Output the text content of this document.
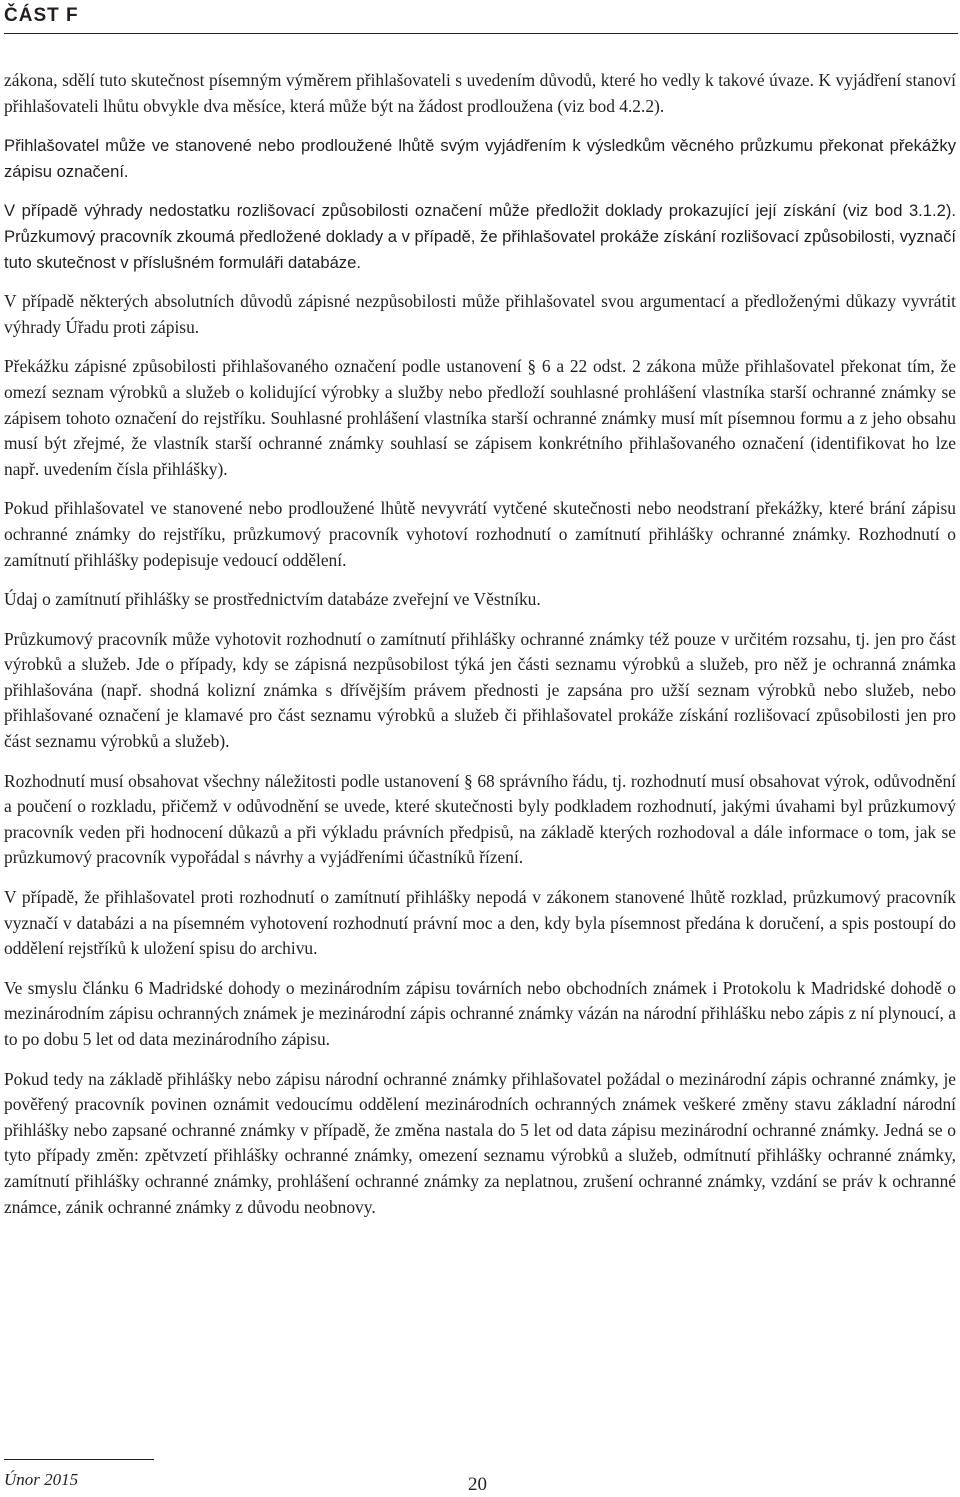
ČÁST F

zákona, sdělí tuto skutečnost písemným výměrem přihlašovateli s uvedením důvodů, které ho vedly k takové úvaze. K vyjádření stanoví přihlašovateli lhůtu obvykle dva měsíce, která může být na žádost prodloužena (viz bod 4.2.2).

Přihlašovatel může ve stanovené nebo prodloužené lhůtě svým vyjádřením k výsledkům věcného průzkumu překonat překážky zápisu označení.

V případě výhrady nedostatku rozlišovací způsobilosti označení může předložit doklady prokazující její získání (viz bod 3.1.2). Průzkumový pracovník zkoumá předložené doklady a v případě, že přihlašovatel prokáže získání rozlišovací způsobilosti, vyznačí tuto skutečnost v příslušném formuláři databáze.

V případě některých absolutních důvodů zápisné nezpůsobilosti může přihlašovatel svou argumentací a předloženými důkazy vyvrátit výhrady Úřadu proti zápisu.

Překážku zápisné způsobilosti přihlašovaného označení podle ustanovení § 6 a 22 odst. 2 zákona může přihlašovatel překonat tím, že omezí seznam výrobků a služeb o kolidující výrobky a služby nebo předloží souhlasné prohlášení vlastníka starší ochranné známky se zápisem tohoto označení do rejstříku. Souhlasné prohlášení vlastníka starší ochranné známky musí mít písemnou formu a z jeho obsahu musí být zřejmé, že vlastník starší ochranné známky souhlasí se zápisem konkrétního přihlašovaného označení (identifikovat ho lze např. uvedením čísla přihlášky).

Pokud přihlašovatel ve stanovené nebo prodloužené lhůtě nevyvrátí vytčené skutečnosti nebo neodstraní překážky, které brání zápisu ochranné známky do rejstříku, průzkumový pracovník vyhotoví rozhodnutí o zamítnutí přihlášky ochranné známky. Rozhodnutí o zamítnutí přihlášky podepisuje vedoucí oddělení.

Údaj o zamítnutí přihlášky se prostřednictvím databáze zveřejní ve Věstníku.

Průzkumový pracovník může vyhotovit rozhodnutí o zamítnutí přihlášky ochranné známky též pouze v určitém rozsahu, tj. jen pro část výrobků a služeb. Jde o případy, kdy se zápisná nezpůsobilost týká jen části seznamu výrobků a služeb, pro něž je ochranná známka přihlašována (např. shodná kolizní známka s dřívějším právem přednosti je zapsána pro užší seznam výrobků nebo služeb, nebo přihlašované označení je klamavé pro část seznamu výrobků a služeb či přihlašovatel prokáže získání rozlišovací způsobilosti jen pro část seznamu výrobků a služeb).

Rozhodnutí musí obsahovat všechny náležitosti podle ustanovení § 68 správního řádu, tj. rozhodnutí musí obsahovat výrok, odůvodnění a poučení o rozkladu, přičemž v odůvodnění se uvede, které skutečnosti byly podkladem rozhodnutí, jakými úvahami byl průzkumový pracovník veden při hodnocení důkazů a při výkladu právních předpisů, na základě kterých rozhodoval a dále informace o tom, jak se průzkumový pracovník vypořádal s návrhy a vyjádřeními účastníků řízení.

V případě, že přihlašovatel proti rozhodnutí o zamítnutí přihlášky nepodá v zákonem stanovené lhůtě rozklad, průzkumový pracovník vyznačí v databázi a na písemném vyhotovení rozhodnutí právní moc a den, kdy byla písemnost předána k doručení, a spis postoupí do oddělení rejstříků k uložení spisu do archivu.

Ve smyslu článku 6 Madridské dohody o mezinárodním zápisu továrních nebo obchodních známek i Protokolu k Madridské dohodě o mezinárodním zápisu ochranných známek je mezinárodní zápis ochranné známky vázán na národní přihlášku nebo zápis z ní plynoucí, a to po dobu 5 let od data mezinárodního zápisu.

Pokud tedy na základě přihlášky nebo zápisu národní ochranné známky přihlašovatel požádal o mezinárodní zápis ochranné známky, je pověřený pracovník povinen oznámit vedoucímu oddělení mezinárodních ochranných známek veškeré změny stavu základní národní přihlášky nebo zapsané ochranné známky v případě, že změna nastala do 5 let od data zápisu mezinárodní ochranné známky. Jedná se o tyto případy změn: zpětvzetí přihlášky ochranné známky, omezení seznamu výrobků a služeb, odmítnutí přihlášky ochranné známky, zamítnutí přihlášky ochranné známky, prohlášení ochranné známky za neplatnou, zrušení ochranné známky, vzdání se práv k ochranné známce, zánik ochranné známky z důvodu neobnovy.

Únor 2015	20
